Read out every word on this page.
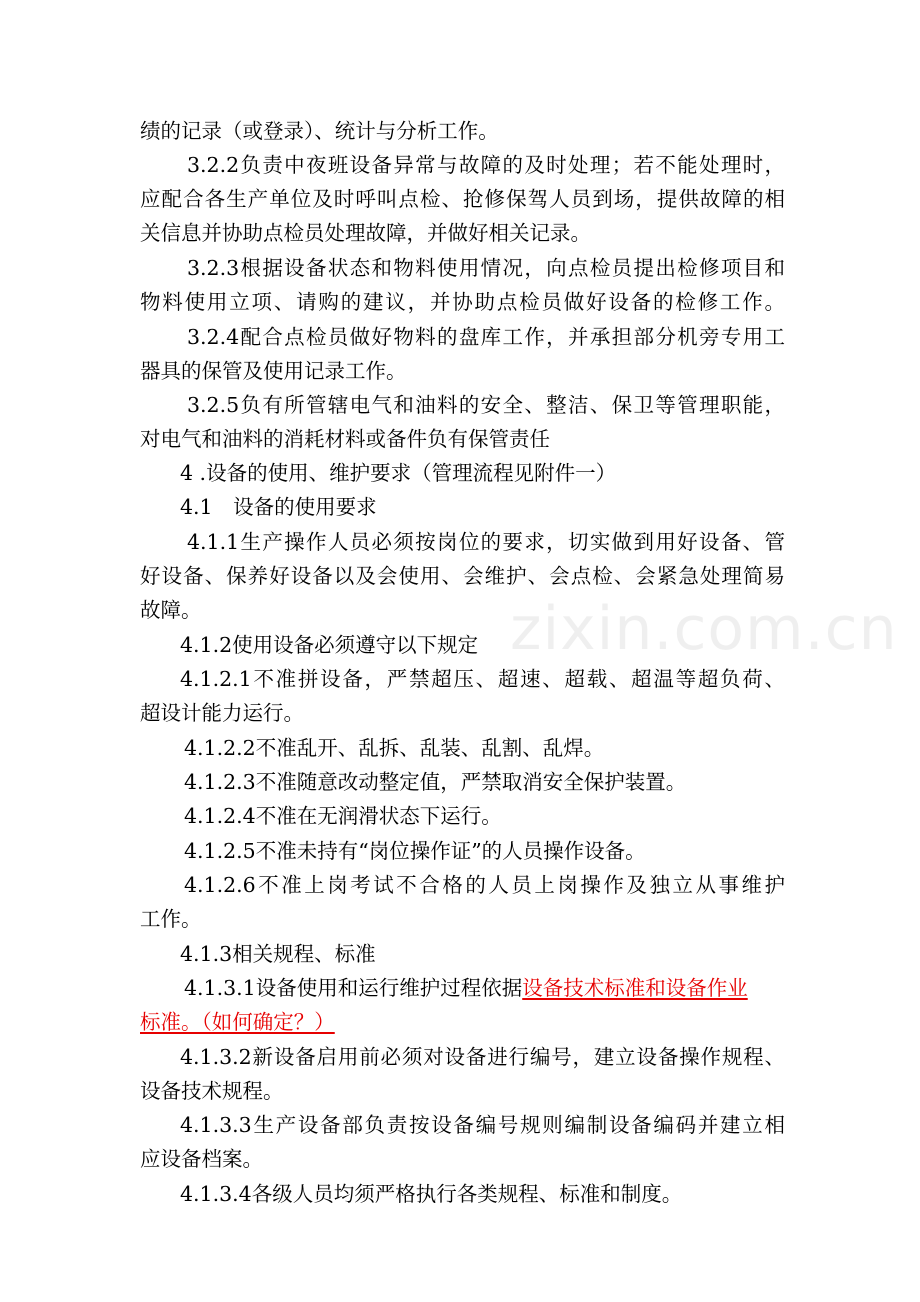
zixin.com.cn
绩的记录（或登录）、统计与分析工作。
3.2.2负责中夜班设备异常与故障的及时处理；若不能处理时，
应配合各生产单位及时呼叫点检、抢修保驾人员到场，提供故障的相
关信息并协助点检员处理故障，并做好相关记录。
3.2.3根据设备状态和物料使用情况，向点检员提出检修项目和
物料使用立项、请购的建议，并协助点检员做好设备的检修工作。
3.2.4配合点检员做好物料的盘库工作，并承担部分机旁专用工
器具的保管及使用记录工作。
3.2.5负有所管辖电气和油料的安全、整洁、保卫等管理职能，
对电气和油料的消耗材料或备件负有保管责任
4 .设备的使用、维护要求（管理流程见附件一）
4.1　设备的使用要求
4.1.1生产操作人员必须按岗位的要求，切实做到用好设备、管
好设备、保养好设备以及会使用、会维护、会点检、会紧急处理简易
故障。
4.1.2使用设备必须遵守以下规定
4.1.2.1不准拼设备，严禁超压、超速、超载、超温等超负荷、
超设计能力运行。
4.1.2.2不准乱开、乱拆、乱装、乱割、乱焊。
4.1.2.3不准随意改动整定值，严禁取消安全保护装置。
4.1.2.4不准在无润滑状态下运行。
4.1.2.5不准未持有“岗位操作证”的人员操作设备。
4.1.2.6不准上岗考试不合格的人员上岗操作及独立从事维护
工作。
4.1.3相关规程、标准
4.1.3.1设备使用和运行维护过程依据设备技术标准和设备作业
标准。（如何确定？）
4.1.3.2新设备启用前必须对设备进行编号，建立设备操作规程、
设备技术规程。
4.1.3.3生产设备部负责按设备编号规则编制设备编码并建立相
应设备档案。
4.1.3.4各级人员均须严格执行各类规程、标准和制度。
